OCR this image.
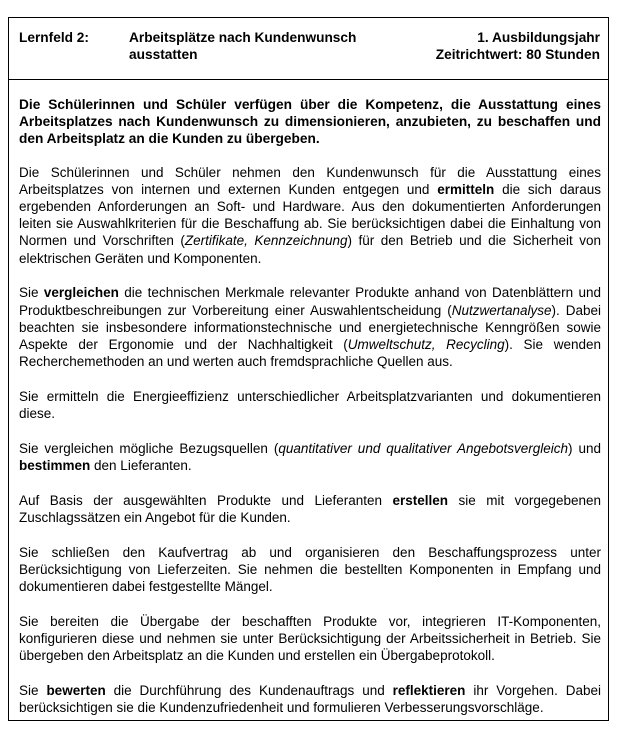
Lernfeld 2:	Arbeitsplätze nach Kundenwunsch ausstatten
1. Ausbildungsjahr
Zeitrichtwert: 80 Stunden

Die Schülerinnen und Schüler verfügen über die Kompetenz, die Ausstattung eines Arbeitsplatzes nach Kundenwunsch zu dimensionieren, anzubieten, zu beschaffen und den Arbeitsplatz an die Kunden zu übergeben.

Die Schülerinnen und Schüler nehmen den Kundenwunsch für die Ausstattung eines Arbeitsplatzes von internen und externen Kunden entgegen und ermitteln die sich daraus ergebenden Anforderungen an Soft- und Hardware. Aus den dokumentierten Anforderungen leiten sie Auswahlkriterien für die Beschaffung ab. Sie berücksichtigen dabei die Einhaltung von Normen und Vorschriften (Zertifikate, Kennzeichnung) für den Betrieb und die Sicherheit von elektrischen Geräten und Komponenten.

Sie vergleichen die technischen Merkmale relevanter Produkte anhand von Datenblättern und Produktbeschreibungen zur Vorbereitung einer Auswahlentscheidung (Nutzwertanalyse). Dabei beachten sie insbesondere informationstechnische und energietechnische Kenngrößen sowie Aspekte der Ergonomie und der Nachhaltigkeit (Umweltschutz, Recycling). Sie wenden Recherchemethoden an und werten auch fremdsprachliche Quellen aus.

Sie ermitteln die Energieeffizienz unterschiedlicher Arbeitsplatzvarianten und dokumentieren diese.

Sie vergleichen mögliche Bezugsquellen (quantitativer und qualitativer Angebotsvergleich) und bestimmen den Lieferanten.

Auf Basis der ausgewählten Produkte und Lieferanten erstellen sie mit vorgegebenen Zuschlagssätzen ein Angebot für die Kunden.

Sie schließen den Kaufvertrag ab und organisieren den Beschaffungsprozess unter Berücksichtigung von Lieferzeiten. Sie nehmen die bestellten Komponenten in Empfang und dokumentieren dabei festgestellte Mängel.

Sie bereiten die Übergabe der beschafften Produkte vor, integrieren IT-Komponenten, konfigurieren diese und nehmen sie unter Berücksichtigung der Arbeitssicherheit in Betrieb. Sie übergeben den Arbeitsplatz an die Kunden und erstellen ein Übergabeprotokoll.

Sie bewerten die Durchführung des Kundenauftrags und reflektieren ihr Vorgehen. Dabei berücksichtigen sie die Kundenzufriedenheit und formulieren Verbesserungsvorschläge.
